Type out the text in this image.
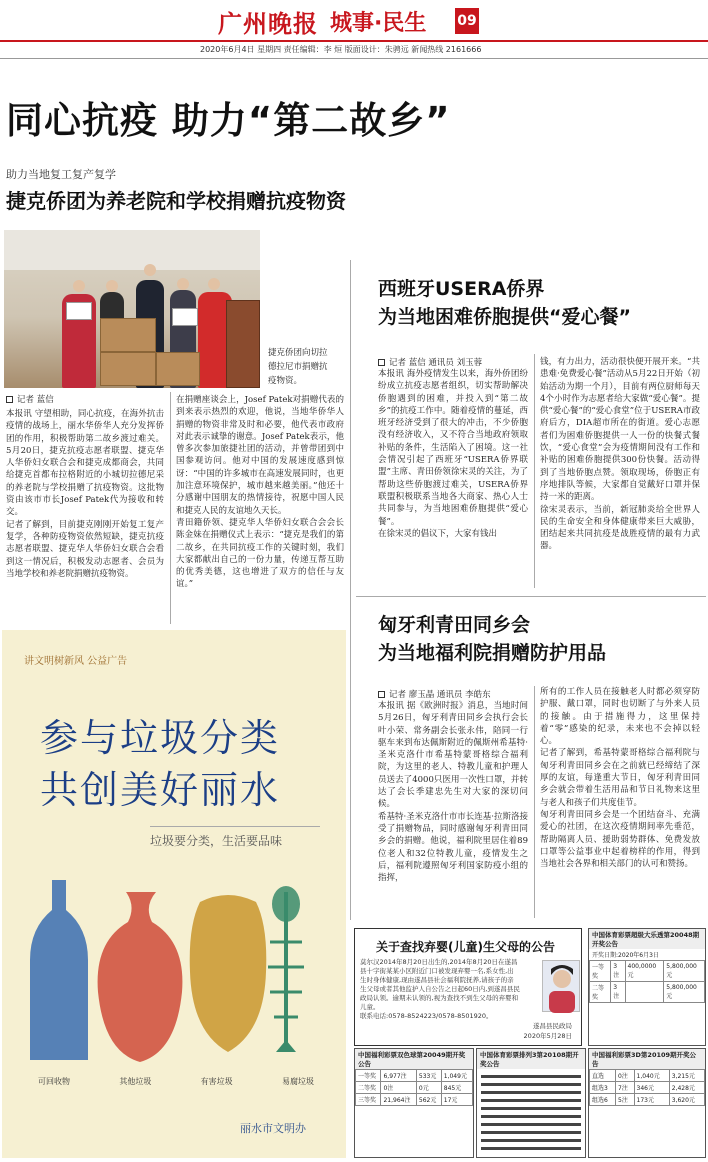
广州晚报 城事·民生 09
2020年6月4日 星期四 责任编辑：李 烜 版面设计：朱骋远 新闻热线 2161666
同心抗疫 助力“第二故乡”
助力当地复工复产复学
捷克侨团为养老院和学校捐赠抗疫物资
捷克侨团向切拉德拉尼市捐赠抗疫物资。
记者 蓝信
本报讯 守望相助，同心抗疫，在海外抗击疫情的战场上，丽水华侨华人充分发挥侨团的作用，积极帮助第二故乡渡过难关。5月20日，捷克抗疫志愿者联盟、捷克华人华侨妇女联合会和捷克成都商会，共同给捷克首都布拉格附近的小城切拉德尼采的养老院与学校捐赠了抗疫物资。这批物资由该市市长Josef Patek代为接收和转交。
记者了解到，目前捷克刚刚开始复工复产复学，各种防疫物资依然短缺，捷克抗疫志愿者联盟、捷克华人华侨妇女联合会看到这一情况后，积极发动志愿者、会员为当地学校和养老院捐赠抗疫物资。
在捐赠座谈会上，Josef Patek对捐赠代表的到来表示热烈的欢迎，他说，当地华侨华人捐赠的物资非常及时和必要，他代表市政府对此表示诚挚的谢意。Josef Patek表示，他曾多次参加旅捷社团的活动，并曾带团到中国参观访问。他对中国的发展速度感到惊讶：“中国的许多城市在高速发展同时，也更加注意环境保护，城市越来越美丽。”他还十分感谢中国朋友的热情接待，祝愿中国人民和捷克人民的友谊地久天长。
青田籍侨领、捷克华人华侨妇女联合会会长陈金妹在捐赠仪式上表示：“捷克是我们的第二故乡，在共同抗疫工作的关键时刻，我们大家都献出自己的一份力量，传递互帮互助的优秀美德，这也增进了双方的信任与友谊。”
西班牙USERA侨界
为当地困难侨胞提供“爱心餐”
记者 蓝信 通讯员 刘玉蓉
本报讯 海外疫情发生以来，海外侨团纷纷成立抗疫志愿者组织，切实帮助解决侨胞遇到的困难，并投入到“第二故乡”的抗疫工作中。随着疫情的蔓延，西班牙经济受到了很大的冲击，不少侨胞没有经济收入，又不符合当地政府领取补贴的条件，生活陷入了困境。这一社会情况引起了西班牙“USERA侨界联盟”主席、青田侨领徐宋灵的关注，为了帮助这些侨胞渡过难关，USERA侨界联盟积极联系当地各大商家、热心人士共同参与，为当地困难侨胞提供“爱心餐”。
在徐宋灵的倡议下，大家有钱出
钱，有力出力，活动很快便开展开来。“共患难·免费爱心餐”活动从5月22日开始（初始活动为期一个月），目前有两位厨师每天4个小时作为志愿者给大家做“爱心餐”。提供“爱心餐”的“爱心食堂”位于USERA市政府后方，DIA超市所在的街道。爱心志愿者们为困难侨胞提供一人一份的快餐式餐饮，“爱心食堂”会为疫情期间没有工作和补贴的困难侨胞提供300份快餐。活动得到了当地侨胞点赞。领取现场，侨胞正有序地排队等候，大家都自觉戴好口罩并保持一米的距离。
徐宋灵表示，当前，新冠肺炎给全世界人民的生命安全和身体健康带来巨大威胁，团结起来共同抗疫是战胜疫情的最有力武器。
匈牙利青田同乡会
为当地福利院捐赠防护用品
记者 廖玉晶 通讯员 李皓东
本报讯 据《欧洲时报》消息，当地时间5月26日，匈牙利青田同乡会执行会长叶小荣、常务副会长张永伟，陪同一行驱车来到布达佩斯附近的佩斯州希基特·圣米克洛什市希基特蒙哥格综合福利院，为这里的老人、特教儿童和护理人员送去了4000只医用一次性口罩，并转达了会长季建忠先生对大家的深切问候。
希基特·圣米克洛什市市长连基·拉斯洛接受了捐赠物品，同时感谢匈牙利青田同乡会的捐赠。他说，福利院里居住着89位老人和32位特教儿童，疫情发生之后，福利院遵照匈牙利国家防疫小组的指挥，
所有的工作人员在接触老人时都必须穿防护服、戴口罩，同时也切断了与外来人员的接触。由于措施得力，这里保持着“零”感染的纪录，未来也不会掉以轻心。
记者了解到，希基特蒙哥格综合福利院与匈牙利青田同乡会在之前就已经缔结了深厚的友谊，每逢重大节日，匈牙利青田同乡会就会带着生活用品和节日礼物来这里与老人和孩子们共度佳节。
匈牙利青田同乡会是一个团结奋斗、充满爱心的社团，在这次疫情期间率先垂范，帮助隔离人员、援助弱势群体、免费发放口罩等公益事业中起着榜样的作用，得到当地社会各界和相关部门的认可和赞扬。
讲文明树新风 公益广告
参与垃圾分类
共创美好丽水
垃圾要分类，生活要品味
可回收物	其他垃圾	有害垃圾	易腐垃圾
丽水市文明办
关于查找弃婴(儿童)生父母的公告
莫尔汉2014年8月20日出生的,2014年8月20日在遂昌县十字街某某小区附近门口被发现弃婴一名,系女性,出生时身体健康,现由遂昌县社会福利院抚养,请孩子的亲生父母或者其他监护人自公告之日起60日内,到遂昌县民政局认领。逾期未认领的,视为查找不到生父母的弃婴和儿童。
联系电话:0578-8524223/0578-8501920。
遂昌县民政局
2020年5月28日
中国体育彩票超级大乐透第20048期开奖公告
开奖日期:2020年6月3日
一等奖	3注	400,0000元	5,800,000元
二等奖	3注		5,800,000元
中国福利彩票双色球第20049期开奖公告
一等奖	6,977注	533元	1,049元
二等奖	0注	0元	845元
三等奖	21,964注	562元	17元
中国体育彩票排列3第20108期开奖公告
中国福利彩票3D第20109期开奖公告
直选	0注	1,040元	3,215元
组选3	7注	346元	2,428元
组选6	5注	173元	3,620元
